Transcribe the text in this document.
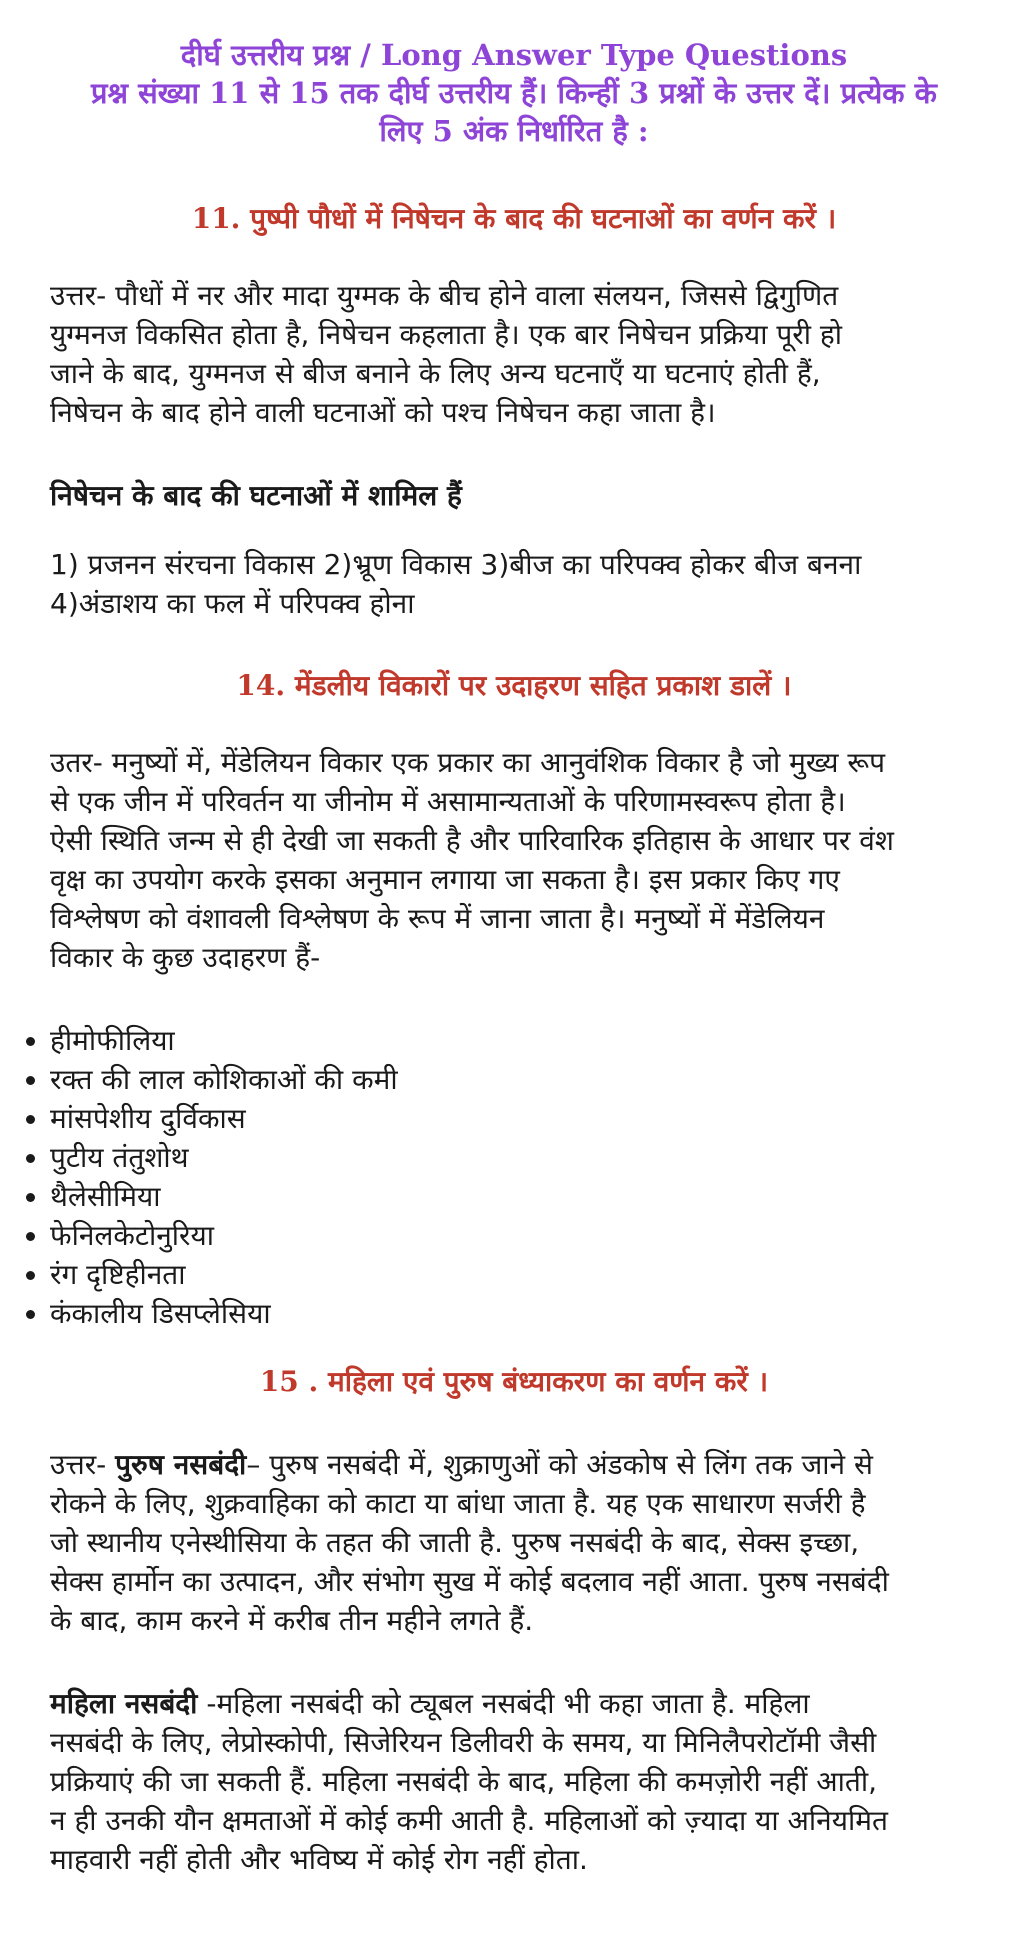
दीर्घ उत्तरीय प्रश्न / Long Answer Type Questions

प्रश्न संख्या 11 से 15 तक दीर्घ उत्तरीय हैं। किन्हीं 3 प्रश्नों के उत्तर दें। प्रत्येक के

लिए 5 अंक निर्धारित है :

11. पुष्पी पौधों में निषेचन के बाद की घटनाओं का वर्णन करें ।

उत्तर- पौधों में नर और मादा युग्मक के बीच होने वाला संलयन, जिससे द्विगुणित

युग्मनज विकसित होता है, निषेचन कहलाता है। एक बार निषेचन प्रक्रिया पूरी हो

जाने के बाद, युग्मनज से बीज बनाने के लिए अन्य घटनाएँ या घटनाएं होती हैं,

निषेचन के बाद होने वाली घटनाओं को पश्च निषेचन कहा जाता है।

निषेचन के बाद की घटनाओं में शामिल हैं

1) प्रजनन संरचना विकास 2)भ्रूण विकास 3)बीज का परिपक्व होकर बीज बनना

4)अंडाशय का फल में परिपक्व होना

14. मेंडलीय विकारों पर उदाहरण सहित प्रकाश डालें ।

उतर- मनुष्यों में, मेंडेलियन विकार एक प्रकार का आनुवंशिक विकार है जो मुख्य रूप

से एक जीन में परिवर्तन या जीनोम में असामान्यताओं के परिणामस्वरूप होता है।

ऐसी स्थिति जन्म से ही देखी जा सकती है और पारिवारिक इतिहास के आधार पर वंश

वृक्ष का उपयोग करके इसका अनुमान लगाया जा सकता है। इस प्रकार किए गए

विश्लेषण को वंशावली विश्लेषण के रूप में जाना जाता है। मनुष्यों में मेंडेलियन

विकार के कुछ उदाहरण हैं-

हीमोफीलिया
रक्त की लाल कोशिकाओं की कमी
मांसपेशीय दुर्विकास
पुटीय तंतुशोथ
थैलेसीमिया
फेनिलकेटोनुरिया
रंग दृष्टिहीनता
कंकालीय डिसप्लेसिया

15 . महिला एवं पुरुष बंध्याकरण का वर्णन करें ।

उत्तर- पुरुष नसबंदी– पुरुष नसबंदी में, शुक्राणुओं को अंडकोष से लिंग तक जाने से

रोकने के लिए, शुक्रवाहिका को काटा या बांधा जाता है. यह एक साधारण सर्जरी है

जो स्थानीय एनेस्थीसिया के तहत की जाती है. पुरुष नसबंदी के बाद, सेक्स इच्छा,

सेक्स हार्मोन का उत्पादन, और संभोग सुख में कोई बदलाव नहीं आता. पुरुष नसबंदी

के बाद, काम करने में करीब तीन महीने लगते हैं.

महिला नसबंदी -महिला नसबंदी को ट्यूबल नसबंदी भी कहा जाता है. महिला

नसबंदी के लिए, लेप्रोस्कोपी, सिजेरियन डिलीवरी के समय, या मिनिलैपरोटॉमी जैसी

प्रक्रियाएं की जा सकती हैं. महिला नसबंदी के बाद, महिला की कमज़ोरी नहीं आती,

न ही उनकी यौन क्षमताओं में कोई कमी आती है. महिलाओं को ज़्यादा या अनियमित

माहवारी नहीं होती और भविष्य में कोई रोग नहीं होता.
